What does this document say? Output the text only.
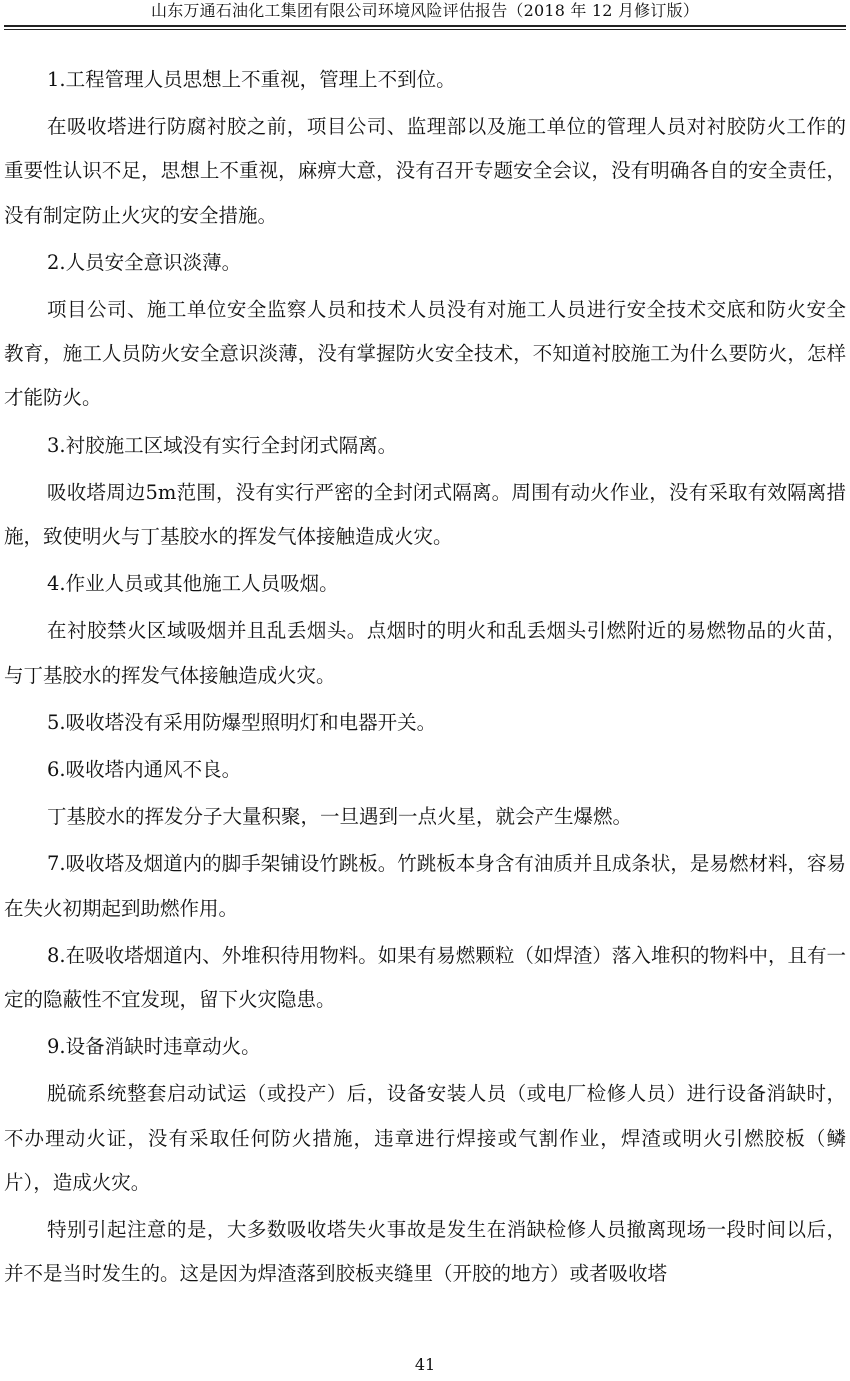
山东万通石油化工集团有限公司环境风险评估报告（2018 年 12 月修订版）

1.工程管理人员思想上不重视，管理上不到位。

在吸收塔进行防腐衬胶之前，项目公司、监理部以及施工单位的管理人员对衬胶防火工作的重要性认识不足，思想上不重视，麻痹大意，没有召开专题安全会议，没有明确各自的安全责任，没有制定防止火灾的安全措施。

2.人员安全意识淡薄。

项目公司、施工单位安全监察人员和技术人员没有对施工人员进行安全技术交底和防火安全教育，施工人员防火安全意识淡薄，没有掌握防火安全技术，不知道衬胶施工为什么要防火，怎样才能防火。

3.衬胶施工区域没有实行全封闭式隔离。

吸收塔周边5m范围，没有实行严密的全封闭式隔离。周围有动火作业，没有采取有效隔离措施，致使明火与丁基胶水的挥发气体接触造成火灾。

4.作业人员或其他施工人员吸烟。

在衬胶禁火区域吸烟并且乱丢烟头。点烟时的明火和乱丢烟头引燃附近的易燃物品的火苗，与丁基胶水的挥发气体接触造成火灾。

5.吸收塔没有采用防爆型照明灯和电器开关。

6.吸收塔内通风不良。

丁基胶水的挥发分子大量积聚，一旦遇到一点火星，就会产生爆燃。

7.吸收塔及烟道内的脚手架铺设竹跳板。竹跳板本身含有油质并且成条状，是易燃材料，容易在失火初期起到助燃作用。

8.在吸收塔烟道内、外堆积待用物料。如果有易燃颗粒（如焊渣）落入堆积的物料中，且有一定的隐蔽性不宜发现，留下火灾隐患。

9.设备消缺时违章动火。

脱硫系统整套启动试运（或投产）后，设备安装人员（或电厂检修人员）进行设备消缺时，不办理动火证，没有采取任何防火措施，违章进行焊接或气割作业，焊渣或明火引燃胶板（鳞片），造成火灾。

特别引起注意的是，大多数吸收塔失火事故是发生在消缺检修人员撤离现场一段时间以后，并不是当时发生的。这是因为焊渣落到胶板夹缝里（开胶的地方）或者吸收塔

41
